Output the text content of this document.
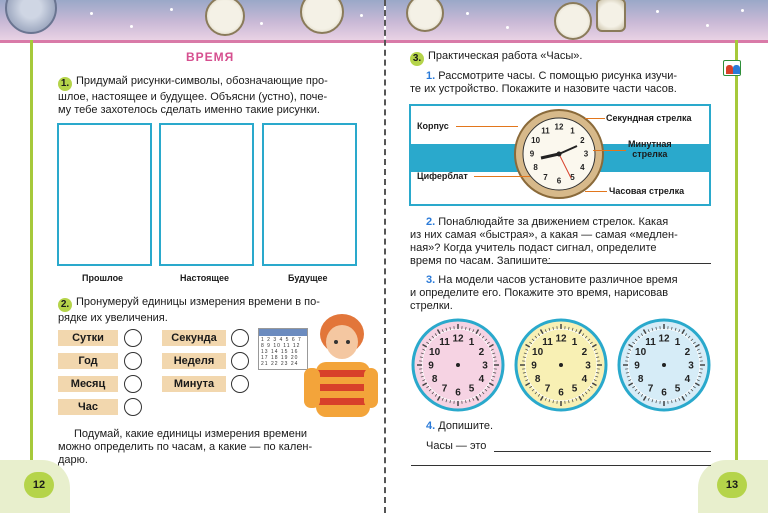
12	13
ВРЕМЯ
1. Придумай рисунки-символы, обозначающие про-
шлое, настоящее и будущее. Объясни (устно), поче-
му тебе захотелось сделать именно такие рисунки.
Прошлое	Настоящее	Будущее
2. Пронумеруй единицы измерения времени в по-
рядке их увеличения.
Сутки
Год
Месяц
Час
Секунда
Неделя
Минута
1 2 3 4 5 6 7 8 9 10 11 12 13 14 15 16 17 18 19 20 21 22 23 24
Подумай, какие единицы измерения времени
можно определить по часам, а какие — по кален-
дарю.
3. Практическая работа «Часы».
1. Рассмотрите часы. С помощью рисунка изучи-
те их устройство. Покажите и назовите части часов.
12 1
2
3
4
5
6
7
8
9
10
11
Корпус
Циферблат
Секундная стрелка
Минутная
стрелка
Часовая стрелка
2. Понаблюдайте за движением стрелок. Какая
из них самая «быстрая», а какая — самая «медлен-
ная»? Когда учитель подаст сигнал, определите
время по часам. Запишите:
3. На модели часов установите различное время
и определите его. Покажите это время, нарисовав
стрелки.
12 1
2
3
4
5
6
7
8
9
10
11	12 1
2
3
4
5
6
7
8
9
10
11	12 1
2
3
4
5
6
7
8
9
10
11
4. Допишите.
Часы — это
